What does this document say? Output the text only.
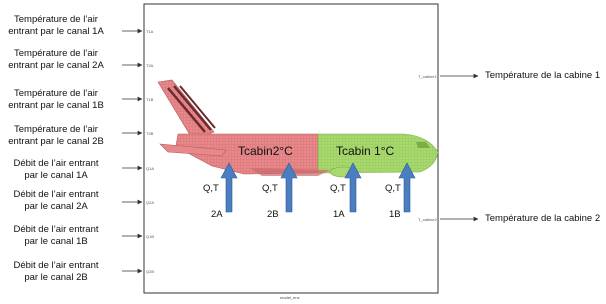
Température de l’air
entrant par le canal 1A
Température de l’air
entrant par le canal 2A
Température de l’air
entrant par le canal 1B
Température de l’air
entrant par le canal 2B
Débit de l’air entrant
par le canal 1A
Débit de l’air entrant
par le canal 2A
Débit de l’air entrant
par le canal 1B
Débit de l’air entrant
par le canal 2B
T1A
T2A
T1B
T2B
Q1A
Q2A
Q1B
Q2B
T_cabine1
T_cabine2
Température de la cabine 1
Température de la cabine 2
Tcabin2°C	Tcabin 1°C
Q,T	Q,T	Q,T	Q,T
2A	2B	1A	1B
model_env
